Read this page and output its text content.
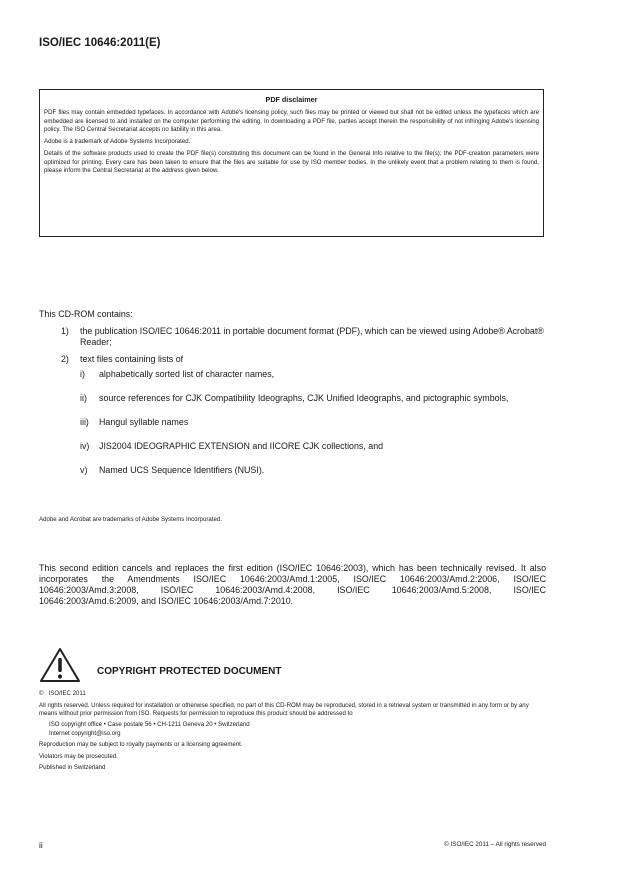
ISO/IEC 10646:2011(E)
PDF disclaimer

PDF files may contain embedded typefaces. In accordance with Adobe's licensing policy, such files may be printed or viewed but shall not be edited unless the typefaces which are embedded are licensed to and installed on the computer performing the editing. In downloading a PDF file, parties accept therein the responsibility of not infringing Adobe's licensing policy. The ISO Central Secretariat accepts no liability in this area.

Adobe is a trademark of Adobe Systems Incorporated.

Details of the software products used to create the PDF file(s) constituting this document can be found in the General Info relative to the file(s); the PDF-creation parameters were optimized for printing. Every care has been taken to ensure that the files are suitable for use by ISO member bodies. In the unlikely event that a problem relating to them is found, please inform the Central Secretariat at the address given below.

This CD-ROM contains:
1) the publication ISO/IEC 10646:2011 in portable document format (PDF), which can be viewed using Adobe® Acrobat® Reader;
2) text files containing lists of
i) alphabetically sorted list of character names,
ii) source references for CJK Compatibility Ideographs, CJK Unified Ideographs, and pictographic symbols,
iii) Hangul syllable names
iv) JIS2004 IDEOGRAPHIC EXTENSION and IICORE CJK collections, and
v) Named UCS Sequence Identifiers (NUSI).
Adobe and Acrobat are trademarks of Adobe Systems Incorporated.
This second edition cancels and replaces the first edition (ISO/IEC 10646:2003), which has been technically revised. It also incorporates the Amendments ISO/IEC 10646:2003/Amd.1:2005, ISO/IEC 10646:2003/Amd.2:2006, ISO/IEC 10646:2003/Amd.3:2008, ISO/IEC 10646:2003/Amd.4:2008, ISO/IEC 10646:2003/Amd.5:2008, ISO/IEC 10646:2003/Amd.6:2009, and ISO/IEC 10646:2003/Amd.7:2010.
COPYRIGHT PROTECTED DOCUMENT

©   ISO/IEC 2011

All rights reserved. Unless required for installation or otherwise specified, no part of this CD-ROM may be reproduced, stored in a retrieval system or transmitted in any form or by any means without prior permission from ISO. Requests for permission to reproduce this product should be addressed to

ISO copyright office • Case postale 56 • CH-1211 Geneva 20 • Switzerland
Internet copyright@iso.org

Reproduction may be subject to royalty payments or a licensing agreement.

Violators may be prosecuted.

Published in Switzerland

ii	© ISO/IEC 2011 – All rights reserved
